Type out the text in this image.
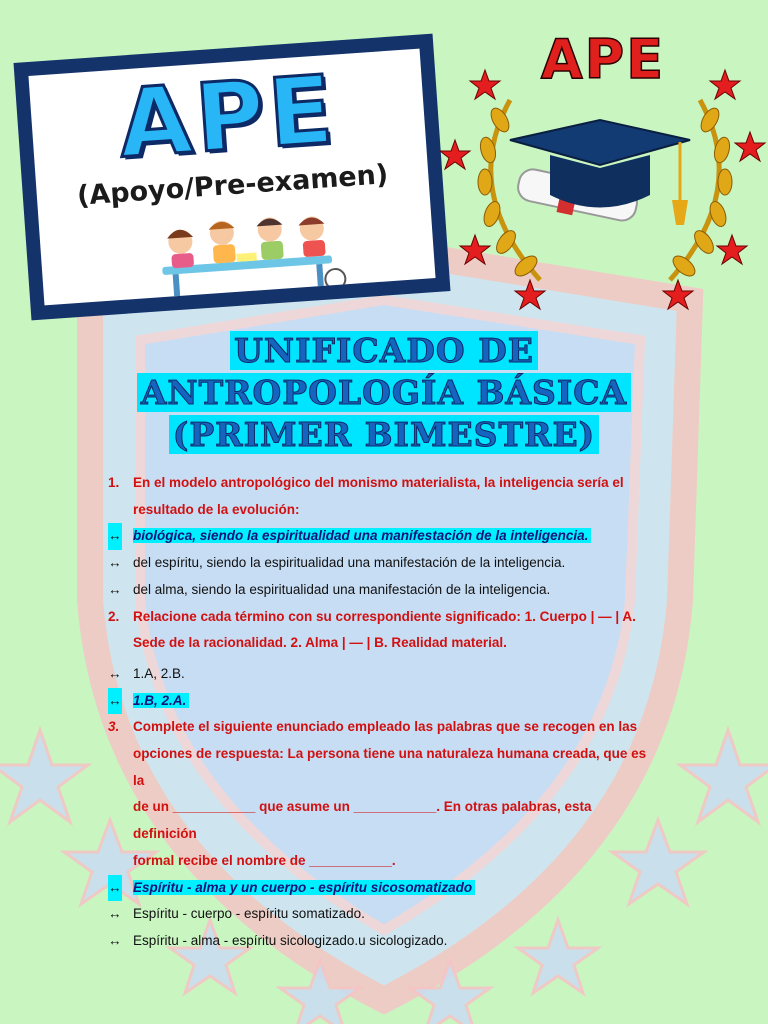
APE
(Apoyo/Pre-examen)
APE
UNIFICADO DE
ANTROPOLOGÍA BÁSICA
(PRIMER BIMESTRE)
1. En el modelo antropológico del monismo materialista, la inteligencia sería el
resultado de la evolución:
↔ biológica, siendo la espiritualidad una manifestación de la inteligencia.
↔ del espíritu, siendo la espiritualidad una manifestación de la inteligencia.
↔ del alma, siendo la espiritualidad una manifestación de la inteligencia.
2. Relacione cada término con su correspondiente significado: 1. Cuerpo | — | A.
Sede de la racionalidad. 2. Alma | — | B. Realidad material.
↔ 1.A, 2.B.
↔ 1.B, 2.A.
3. Complete el siguiente enunciado empleado las palabras que se recogen en las
opciones de respuesta: La persona tiene una naturaleza humana creada, que es la
de un ___________ que asume un ___________. En otras palabras, esta definición
formal recibe el nombre de ___________.
↔ Espíritu - alma y un cuerpo - espíritu sicosomatizado
↔ Espíritu - cuerpo - espíritu somatizado.
↔ Espíritu - alma - espíritu sicologizado.u sicologizado.
